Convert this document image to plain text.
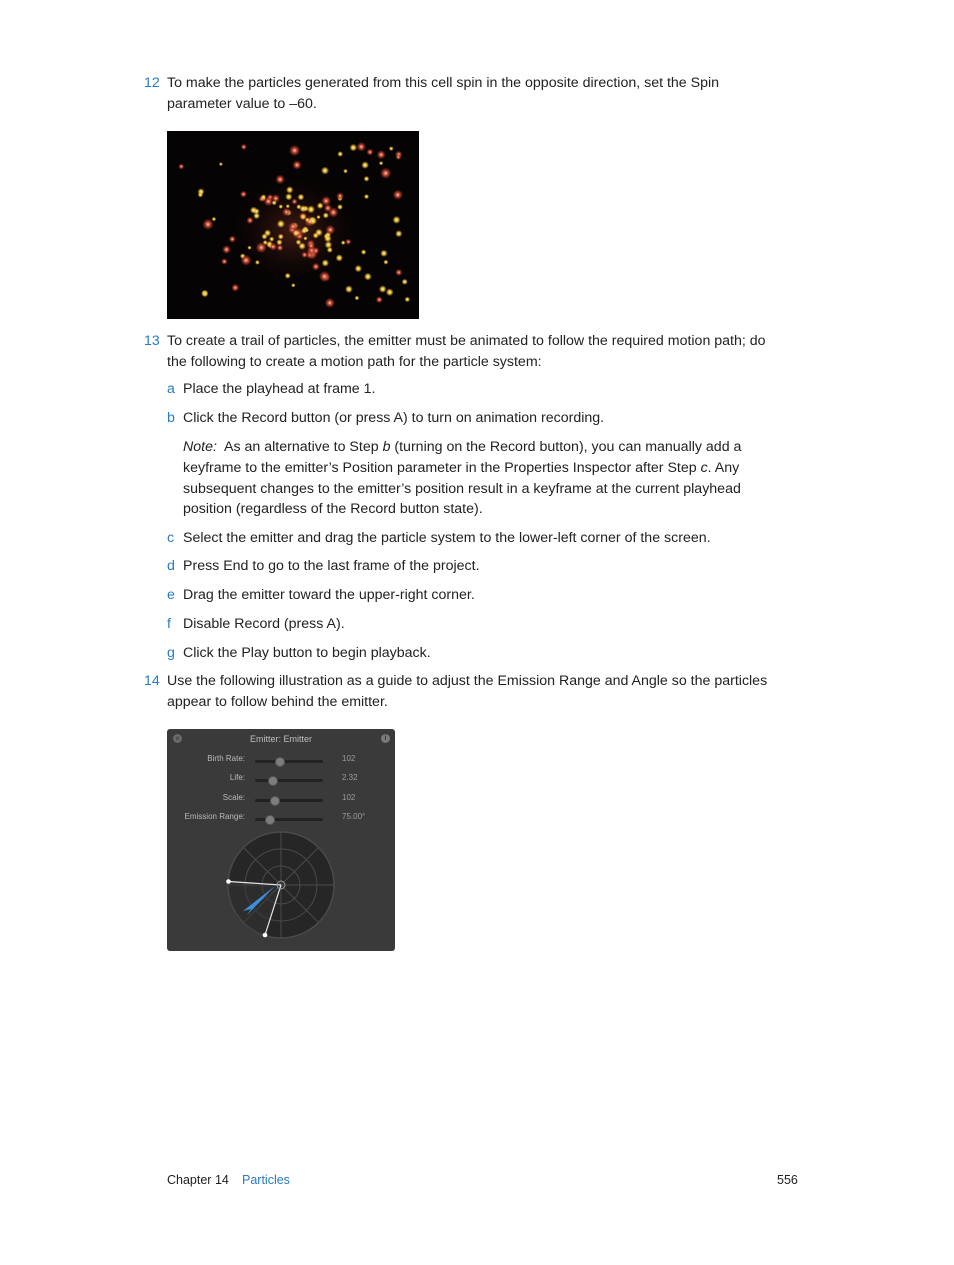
12 To make the particles generated from this cell spin in the opposite direction, set the Spin
parameter value to –60.
13 To create a trail of particles, the emitter must be animated to follow the required motion path; do
the following to create a motion path for the particle system:
a Place the playhead at frame 1.
b Click the Record button (or press A) to turn on animation recording.
Note: As an alternative to Step b (turning on the Record button), you can manually add a
keyframe to the emitter’s Position parameter in the Properties Inspector after Step c. Any
subsequent changes to the emitter’s position result in a keyframe at the current playhead
position (regardless of the Record button state).
c Select the emitter and drag the particle system to the lower-left corner of the screen.
d Press End to go to the last frame of the project.
e Drag the emitter toward the upper-right corner.
f Disable Record (press A).
g Click the Play button to begin playback.
14 Use the following illustration as a guide to adjust the Emission Range and Angle so the particles
appear to follow behind the emitter.
×	Emitter: Emitter	i
Birth Rate:	102
Life:	2.32
Scale:	102
Emission Range:	75.00°
Chapter 14 Particles	556
